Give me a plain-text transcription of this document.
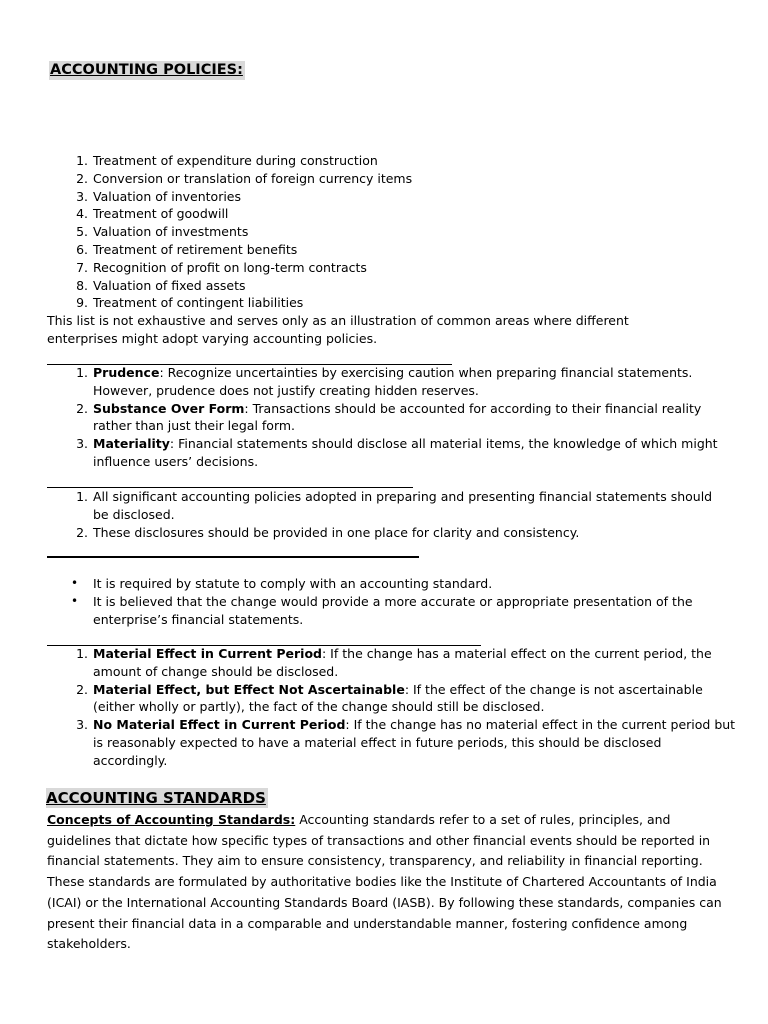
ACCOUNTING POLICIES:
1. Treatment of expenditure during construction
2. Conversion or translation of foreign currency items
3. Valuation of inventories
4. Treatment of goodwill
5. Valuation of investments
6. Treatment of retirement benefits
7. Recognition of profit on long-term contracts
8. Valuation of fixed assets
9. Treatment of contingent liabilities

This list is not exhaustive and serves only as an illustration of common areas where different enterprises might adopt varying accounting policies.

1. Prudence: Recognize uncertainties by exercising caution when preparing financial statements. However, prudence does not justify creating hidden reserves.
2. Substance Over Form: Transactions should be accounted for according to their financial reality rather than just their legal form.
3. Materiality: Financial statements should disclose all material items, the knowledge of which might influence users’ decisions.
1. All significant accounting policies adopted in preparing and presenting financial statements should be disclosed.
2. These disclosures should be provided in one place for clarity and consistency.
• It is required by statute to comply with an accounting standard.
• It is believed that the change would provide a more accurate or appropriate presentation of the enterprise’s financial statements.
1. Material Effect in Current Period: If the change has a material effect on the current period, the amount of change should be disclosed.
2. Material Effect, but Effect Not Ascertainable: If the effect of the change is not ascertainable (either wholly or partly), the fact of the change should still be disclosed.
3. No Material Effect in Current Period: If the change has no material effect in the current period but is reasonably expected to have a material effect in future periods, this should be disclosed accordingly.
ACCOUNTING STANDARDS

Concepts of Accounting Standards: Accounting standards refer to a set of rules, principles, and guidelines that dictate how specific types of transactions and other financial events should be reported in financial statements. They aim to ensure consistency, transparency, and reliability in financial reporting. These standards are formulated by authoritative bodies like the Institute of Chartered Accountants of India (ICAI) or the International Accounting Standards Board (IASB). By following these standards, companies can present their financial data in a comparable and understandable manner, fostering confidence among stakeholders.
